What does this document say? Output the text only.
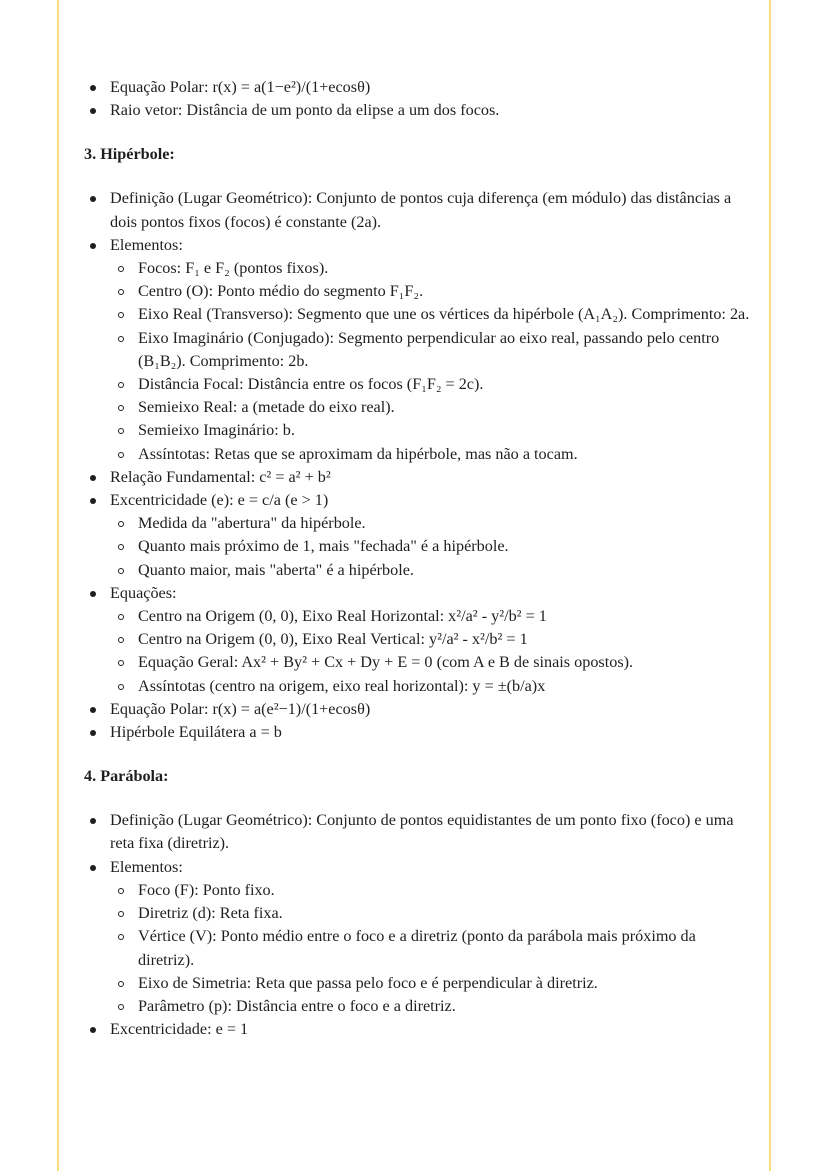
Equação Polar: r(x) = a(1−e²)/(1+ecosθ)
Raio vetor: Distância de um ponto da elipse a um dos focos.
3. Hipérbole:
Definição (Lugar Geométrico): Conjunto de pontos cuja diferença (em módulo) das distâncias a dois pontos fixos (focos) é constante (2a).
Elementos:
Focos: F₁ e F₂ (pontos fixos).
Centro (O): Ponto médio do segmento F₁F₂.
Eixo Real (Transverso): Segmento que une os vértices da hipérbole (A₁A₂). Comprimento: 2a.
Eixo Imaginário (Conjugado): Segmento perpendicular ao eixo real, passando pelo centro (B₁B₂). Comprimento: 2b.
Distância Focal: Distância entre os focos (F₁F₂ = 2c).
Semieixo Real: a (metade do eixo real).
Semieixo Imaginário: b.
Assíntotas: Retas que se aproximam da hipérbole, mas não a tocam.
Relação Fundamental: c² = a² + b²
Excentricidade (e): e = c/a (e > 1)
Medida da "abertura" da hipérbole.
Quanto mais próximo de 1, mais "fechada" é a hipérbole.
Quanto maior, mais "aberta" é a hipérbole.
Equações:
Centro na Origem (0, 0), Eixo Real Horizontal: x²/a² - y²/b² = 1
Centro na Origem (0, 0), Eixo Real Vertical: y²/a² - x²/b² = 1
Equação Geral: Ax² + By² + Cx + Dy + E = 0 (com A e B de sinais opostos).
Assíntotas (centro na origem, eixo real horizontal): y = ±(b/a)x
Equação Polar: r(x) = a(e²−1)/(1+ecosθ)
Hipérbole Equilátera a = b
4. Parábola:
Definição (Lugar Geométrico): Conjunto de pontos equidistantes de um ponto fixo (foco) e uma reta fixa (diretriz).
Elementos:
Foco (F): Ponto fixo.
Diretriz (d): Reta fixa.
Vértice (V): Ponto médio entre o foco e a diretriz (ponto da parábola mais próximo da diretriz).
Eixo de Simetria: Reta que passa pelo foco e é perpendicular à diretriz.
Parâmetro (p): Distância entre o foco e a diretriz.
Excentricidade: e = 1
